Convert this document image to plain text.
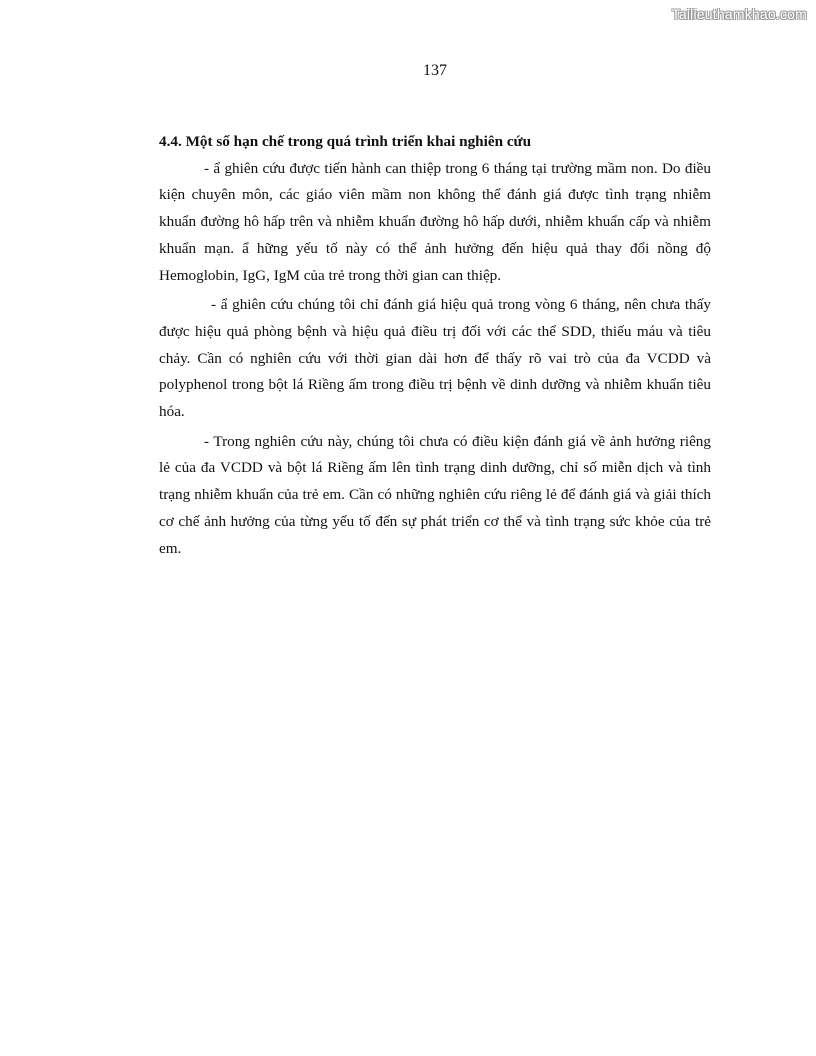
Tailieuthamkhao.com
137

4.4. Một số hạn chế trong quá trình triển khai nghiên cứu

- ẩ ghiên cứu được tiến hành can thiệp trong 6 tháng tại trường mầm non. Do điều kiện chuyên môn, các giáo viên mầm non không thể đánh giá được tình trạng nhiễm khuẩn đường hô hấp trên và nhiễm khuẩn đường hô hấp dưới, nhiễm khuẩn cấp và nhiễm khuẩn mạn. ẩ hững yếu tố này có thể ảnh hưởng đến hiệu quả thay đổi nồng độ Hemoglobin, IgG, IgM của trẻ trong thời gian can thiệp.

- ẩ ghiên cứu chúng tôi chỉ đánh giá hiệu quả trong vòng 6 tháng, nên chưa thấy được hiệu quả phòng bệnh và hiệu quả điều trị đối với các thể SDD, thiếu máu và tiêu chảy. Cần có nghiên cứu với thời gian dài hơn để thấy rõ vai trò của đa VCDD và polyphenol trong bột lá Riềng ấm trong điều trị bệnh về dinh dưỡng và nhiễm khuẩn tiêu hóa.

- Trong nghiên cứu này, chúng tôi chưa có điều kiện đánh giá về ảnh hưởng riêng lẻ của đa VCDD và bột lá Riềng ấm lên tình trạng dinh dưỡng, chỉ số miễn dịch và tình trạng nhiễm khuẩn của trẻ em. Cần có những nghiên cứu riêng lẻ để đánh giá và giải thích cơ chế ảnh hưởng của từng yếu tố đến sự phát triển cơ thể và tình trạng sức khỏe của trẻ em.
